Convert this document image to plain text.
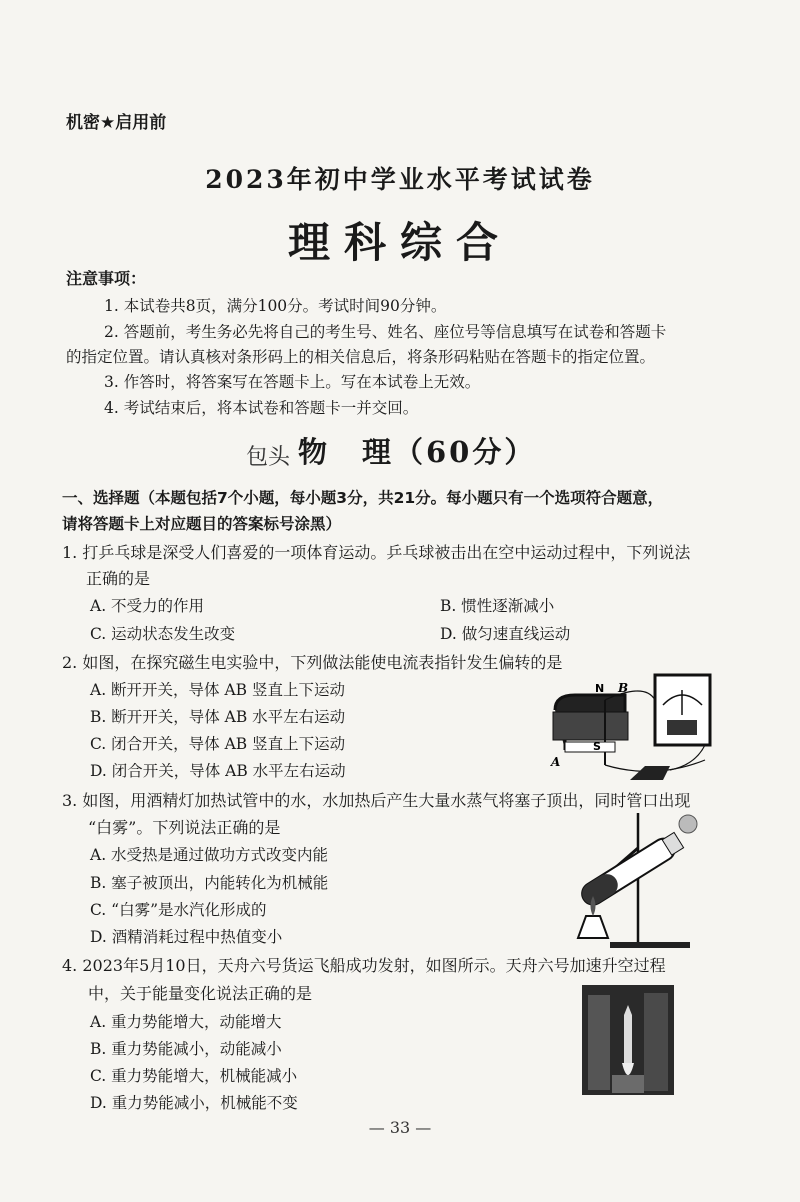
机密★启用前
2023年初中学业水平考试试卷
理科综合
注意事项：
1. 本试卷共8页，满分100分。考试时间90分钟。
2. 答题前，考生务必先将自己的考生号、姓名、座位号等信息填写在试卷和答题卡
的指定位置。请认真核对条形码上的相关信息后，将条形码粘贴在答题卡的指定位置。
3. 作答时，将答案写在答题卡上。写在本试卷上无效。
4. 考试结束后，将本试卷和答题卡一并交回。
包头 物　理（60分）
一、选择题（本题包括7个小题，每小题3分，共21分。每小题只有一个选项符合题意，
请将答题卡上对应题目的答案标号涂黑）
1. 打乒乓球是深受人们喜爱的一项体育运动。乒乓球被击出在空中运动过程中，下列说法
正确的是
A. 不受力的作用	B. 惯性逐渐减小
C. 运动状态发生改变	D. 做匀速直线运动
2. 如图，在探究磁生电实验中，下列做法能使电流表指针发生偏转的是
A. 断开开关，导体 AB 竖直上下运动
B. 断开开关，导体 AB 水平左右运动
C. 闭合开关，导体 AB 竖直上下运动
D. 闭合开关，导体 AB 水平左右运动
N B
S
A
3. 如图，用酒精灯加热试管中的水，水加热后产生大量水蒸气将塞子顶出，同时管口出现
“白雾”。下列说法正确的是
A. 水受热是通过做功方式改变内能
B. 塞子被顶出，内能转化为机械能
C. “白雾”是水汽化形成的
D. 酒精消耗过程中热值变小
4. 2023年5月10日，天舟六号货运飞船成功发射，如图所示。天舟六号加速升空过程
中，关于能量变化说法正确的是
A. 重力势能增大，动能增大
B. 重力势能减小，动能减小
C. 重力势能增大，机械能减小
D. 重力势能减小，机械能不变
— 33 —
